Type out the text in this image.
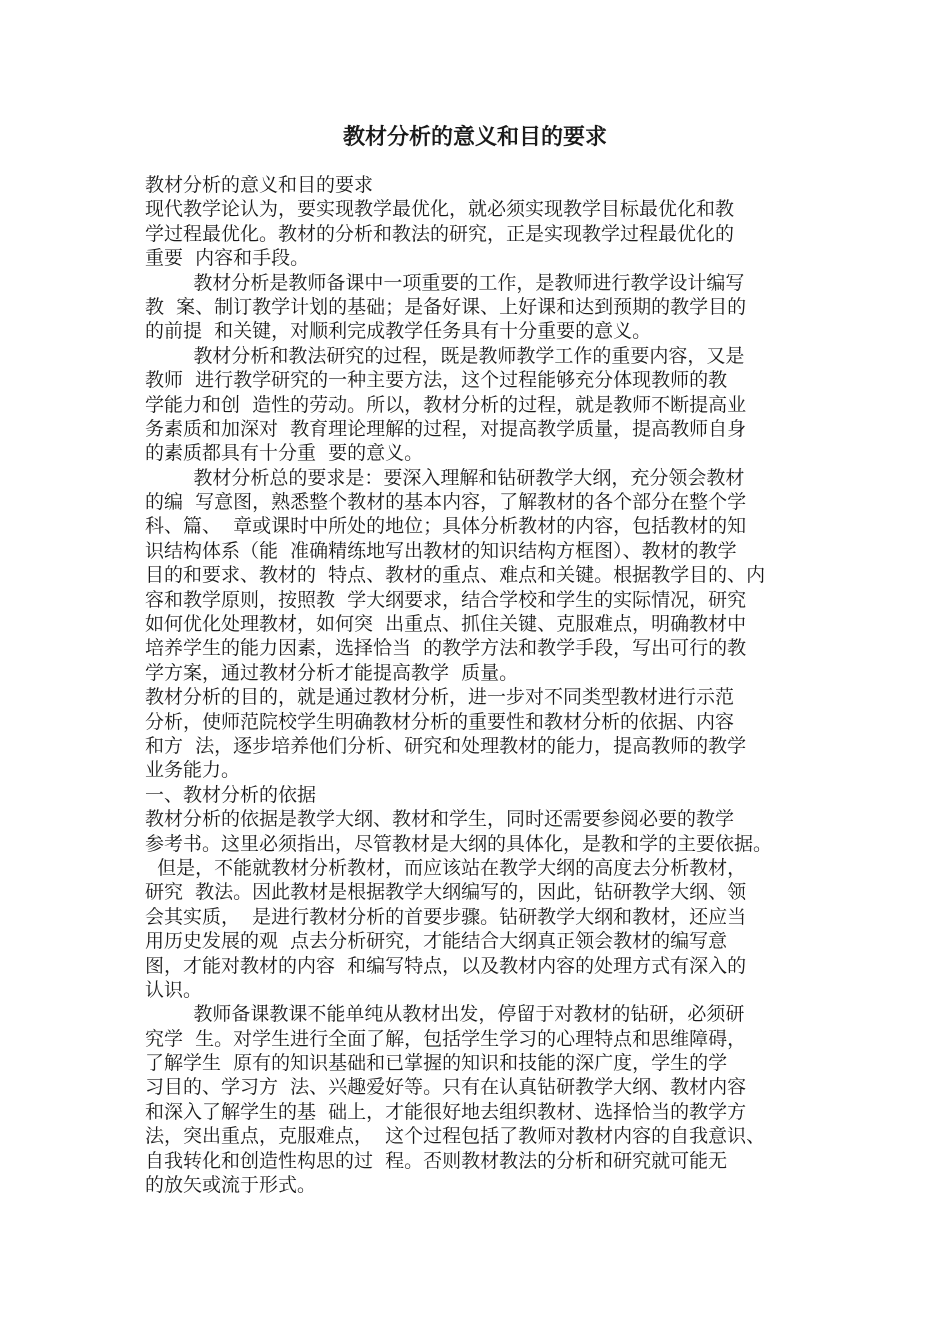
教材分析的意义和目的要求
教材分析的意义和目的要求
现代教学论认为，要实现教学最优化，就必须实现教学目标最优化和教
学过程最优化。教材的分析和教法的研究，正是实现教学过程最优化的
重要  内容和手段。
教材分析是教师备课中一项重要的工作，是教师进行教学设计编写
教  案、制订教学计划的基础；是备好课、上好课和达到预期的教学目的
的前提  和关键，对顺利完成教学任务具有十分重要的意义。
教材分析和教法研究的过程，既是教师教学工作的重要内容，又是
教师  进行教学研究的一种主要方法，这个过程能够充分体现教师的教
学能力和创  造性的劳动。所以，教材分析的过程，就是教师不断提高业
务素质和加深对  教育理论理解的过程，对提高教学质量，提高教师自身
的素质都具有十分重  要的意义。
教材分析总的要求是：要深入理解和钻研教学大纲，充分领会教材
的编  写意图，熟悉整个教材的基本内容，了解教材的各个部分在整个学
科、篇、  章或课时中所处的地位；具体分析教材的内容，包括教材的知
识结构体系（能  准确精练地写出教材的知识结构方框图）、教材的教学
目的和要求、教材的  特点、教材的重点、难点和关键。根据教学目的、内
容和教学原则，按照教  学大纲要求，结合学校和学生的实际情况，研究
如何优化处理教材，如何突  出重点、抓住关键、克服难点，明确教材中
培养学生的能力因素，选择恰当  的教学方法和教学手段，写出可行的教
学方案，通过教材分析才能提高教学  质量。
教材分析的目的，就是通过教材分析，进一步对不同类型教材进行示范
分析，使师范院校学生明确教材分析的重要性和教材分析的依据、内容
和方  法，逐步培养他们分析、研究和处理教材的能力，提高教师的教学
业务能力。
一、教材分析的依据
教材分析的依据是教学大纲、教材和学生，同时还需要参阅必要的教学
参考书。这里必须指出，尽管教材是大纲的具体化，是教和学的主要依据。
但是，不能就教材分析教材，而应该站在教学大纲的高度去分析教材，
研究  教法。因此教材是根据教学大纲编写的，因此，钻研教学大纲、领
会其实质，  是进行教材分析的首要步骤。钻研教学大纲和教材，还应当
用历史发展的观  点去分析研究，才能结合大纲真正领会教材的编写意
图，才能对教材的内容  和编写特点，以及教材内容的处理方式有深入的
认识。
教师备课教课不能单纯从教材出发，停留于对教材的钻研，必须研
究学  生。对学生进行全面了解，包括学生学习的心理特点和思维障碍，
了解学生  原有的知识基础和已掌握的知识和技能的深广度，学生的学
习目的、学习方  法、兴趣爱好等。只有在认真钻研教学大纲、教材内容
和深入了解学生的基  础上，才能很好地去组织教材、选择恰当的教学方
法，突出重点，克服难点，  这个过程包括了教师对教材内容的自我意识、
自我转化和创造性构思的过  程。否则教材教法的分析和研究就可能无
的放矢或流于形式。
